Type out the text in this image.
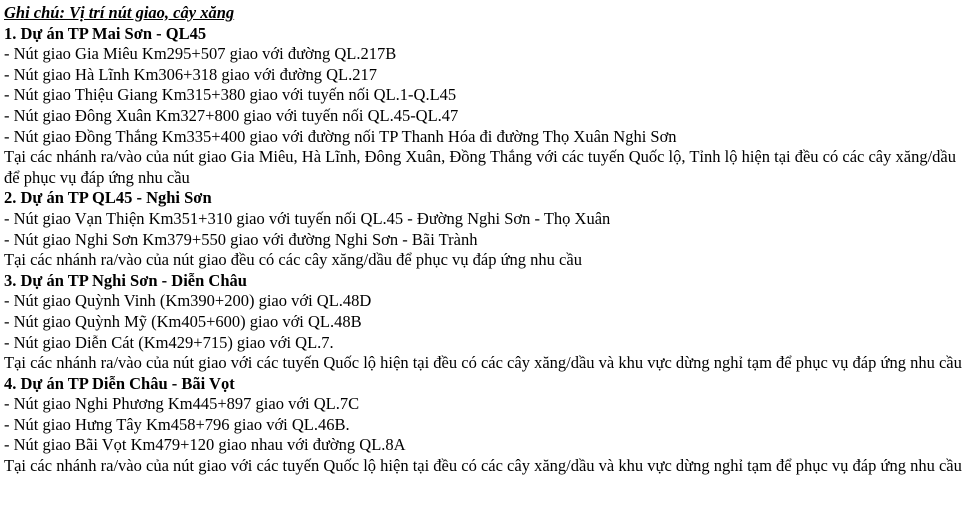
Ghi chú: Vị trí nút giao, cây xăng
1. Dự án TP Mai Sơn - QL45
- Nút giao Gia Miêu Km295+507 giao với đường QL.217B
- Nút giao Hà Lĩnh Km306+318 giao với đường QL.217
- Nút giao Thiệu Giang Km315+380 giao với tuyến nối QL.1-Q.L45
- Nút giao Đông Xuân Km327+800 giao với tuyến nối QL.45-QL.47
- Nút giao Đồng Thắng Km335+400 giao với đường nối TP Thanh Hóa đi đường Thọ Xuân Nghi Sơn
Tại các nhánh ra/vào của nút giao Gia Miêu, Hà Lĩnh, Đông Xuân, Đồng Thắng với các tuyến Quốc lộ, Tỉnh lộ hiện tại đều có các cây xăng/dầu để phục vụ đáp ứng nhu cầu
2. Dự án TP QL45 - Nghi Sơn
- Nút giao Vạn Thiện Km351+310 giao với tuyến nối QL.45 - Đường Nghi Sơn - Thọ Xuân
- Nút giao Nghi Sơn Km379+550 giao với đường Nghi Sơn - Bãi Trành
Tại các nhánh ra/vào của nút giao đều có các cây xăng/dầu để phục vụ đáp ứng nhu cầu
3. Dự án TP Nghi Sơn - Diễn Châu
- Nút giao Quỳnh Vinh (Km390+200) giao với QL.48D
- Nút giao Quỳnh Mỹ (Km405+600) giao với QL.48B
- Nút giao Diễn Cát (Km429+715) giao với QL.7.
Tại các nhánh ra/vào của nút giao với các tuyến Quốc lộ hiện tại đều có các cây xăng/dầu và khu vực dừng nghỉ tạm để phục vụ đáp ứng nhu cầu
4. Dự án TP Diễn Châu - Bãi Vọt
- Nút giao Nghi Phương Km445+897 giao với QL.7C
- Nút giao Hưng Tây Km458+796 giao với QL.46B.
- Nút giao Bãi Vọt Km479+120 giao nhau với đường QL.8A
Tại các nhánh ra/vào của nút giao với các tuyến Quốc lộ hiện tại đều có các cây xăng/dầu và khu vực dừng nghỉ tạm để phục vụ đáp ứng nhu cầu
